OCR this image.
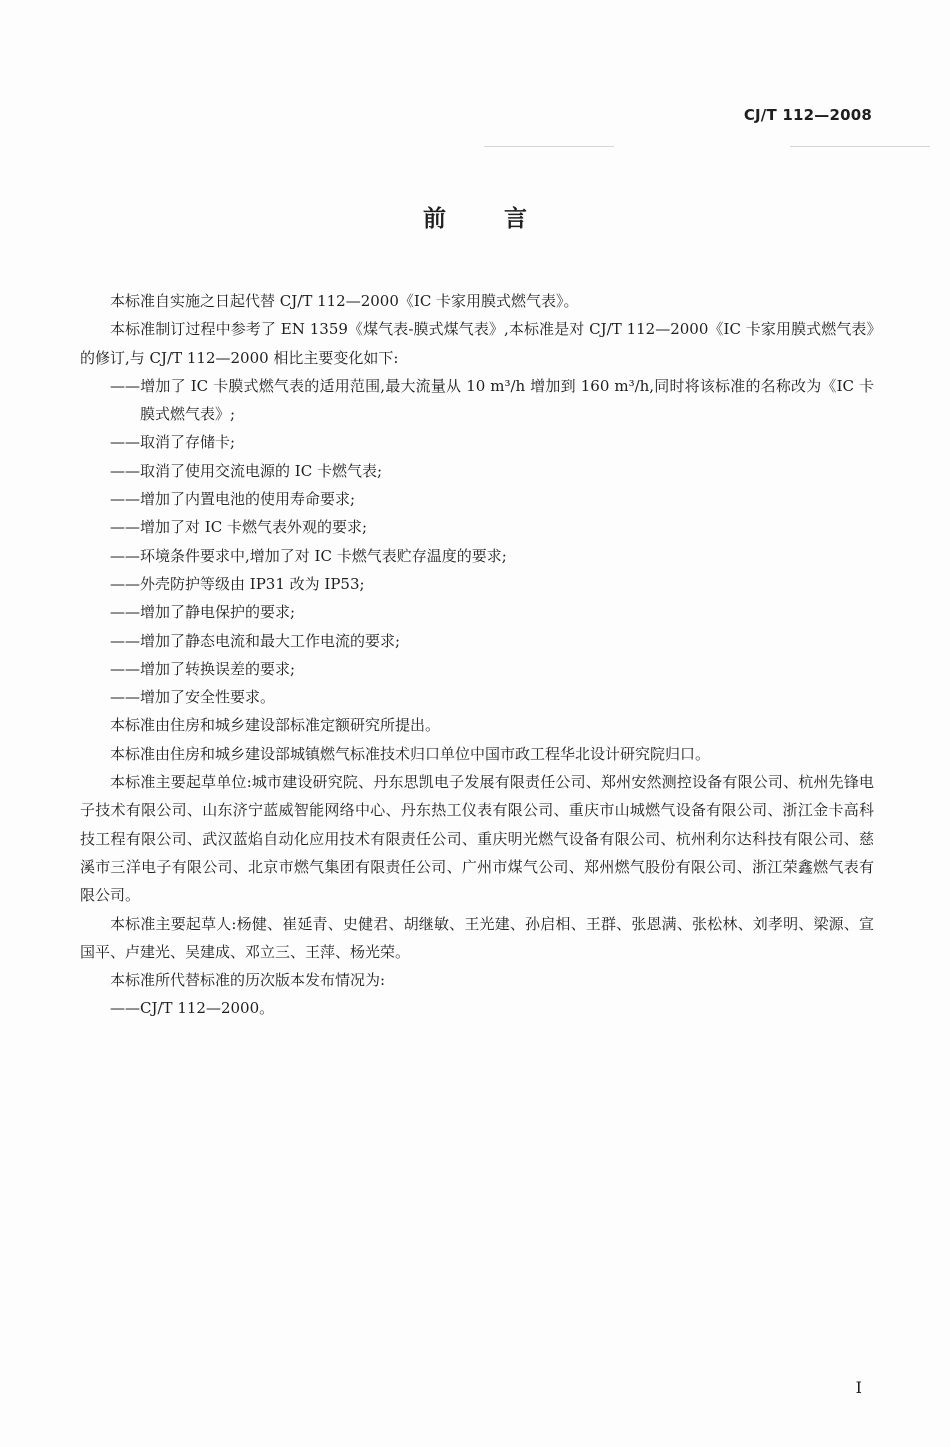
CJ/T 112—2008
前言

本标准自实施之日起代替 CJ/T 112—2000《IC 卡家用膜式燃气表》。

本标准制订过程中参考了 EN 1359《煤气表-膜式煤气表》,本标准是对 CJ/T 112—2000《IC 卡家用膜式燃气表》的修订,与 CJ/T 112—2000 相比主要变化如下:

——增加了 IC 卡膜式燃气表的适用范围,最大流量从 10 m³/h 增加到 160 m³/h,同时将该标准的名称改为《IC 卡膜式燃气表》;

——取消了存储卡;

——取消了使用交流电源的 IC 卡燃气表;

——增加了内置电池的使用寿命要求;

——增加了对 IC 卡燃气表外观的要求;

——环境条件要求中,增加了对 IC 卡燃气表贮存温度的要求;

——外壳防护等级由 IP31 改为 IP53;

——增加了静电保护的要求;

——增加了静态电流和最大工作电流的要求;

——增加了转换误差的要求;

——增加了安全性要求。

本标准由住房和城乡建设部标准定额研究所提出。

本标准由住房和城乡建设部城镇燃气标准技术归口单位中国市政工程华北设计研究院归口。

本标准主要起草单位:城市建设研究院、丹东思凯电子发展有限责任公司、郑州安然测控设备有限公司、杭州先锋电子技术有限公司、山东济宁蓝威智能网络中心、丹东热工仪表有限公司、重庆市山城燃气设备有限公司、浙江金卡高科技工程有限公司、武汉蓝焰自动化应用技术有限责任公司、重庆明光燃气设备有限公司、杭州利尔达科技有限公司、慈溪市三洋电子有限公司、北京市燃气集团有限责任公司、广州市煤气公司、郑州燃气股份有限公司、浙江荣鑫燃气表有限公司。

本标准主要起草人:杨健、崔延青、史健君、胡继敏、王光建、孙启相、王群、张恩满、张松林、刘孝明、梁源、宣国平、卢建光、吴建成、邓立三、王萍、杨光荣。

本标准所代替标准的历次版本发布情况为:

——CJ/T 112—2000。

I
